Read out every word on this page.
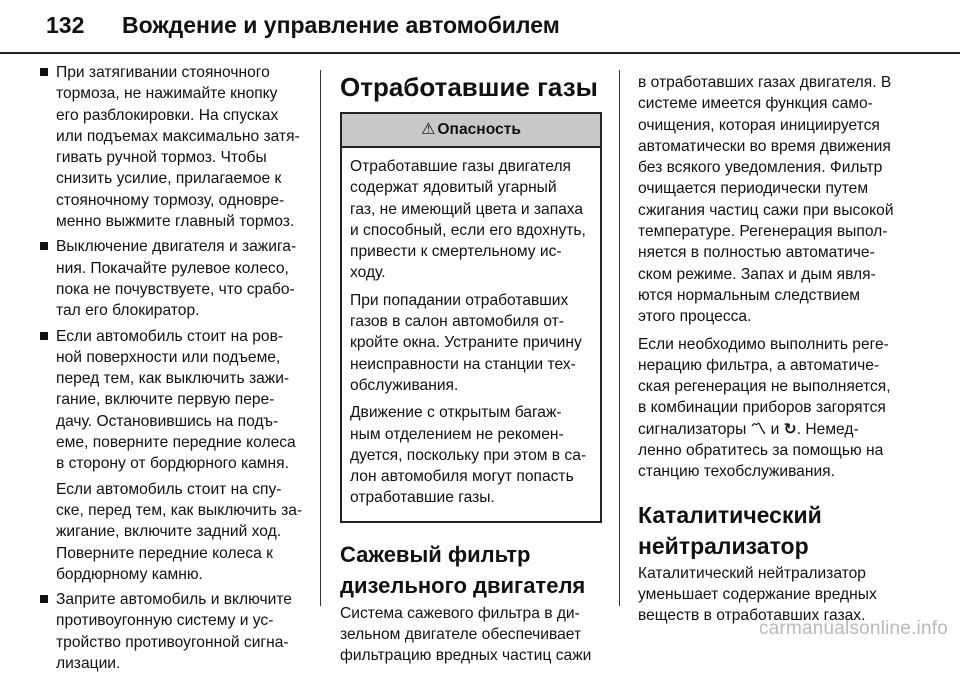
132 Вождение и управление автомобилем
При затягивании стояночного
тормоза, не нажимайте кнопку
его разблокировки. На спусках
или подъемах максимально затя-
гивать ручной тормоз. Чтобы
снизить усилие, прилагаемое к
стояночному тормозу, одновре-
менно выжмите главный тормоз.
Выключение двигателя и зажига-
ния. Покачайте рулевое колесо,
пока не почувствуете, что срабо-
тал его блокиратор.
Если автомобиль стоит на ров-
ной поверхности или подъеме,
перед тем, как выключить зажи-
гание, включите первую пере-
дачу. Остановившись на подъ-
еме, поверните передние колеса
в сторону от бордюрного камня.
Если автомобиль стоит на спу-
ске, перед тем, как выключить за-
жигание, включите задний ход.
Поверните передние колеса к
бордюрному камню.
Заприте автомобиль и включите
противоугонную систему и ус-
тройство противоугонной сигна-
лизации.
Отработавшие газы
⚠ Опасность
Отработавшие газы двигателя
содержат ядовитый угарный
газ, не имеющий цвета и запаха
и способный, если его вдохнуть,
привести к смертельному ис-
ходу.
При попадании отработавших
газов в салон автомобиля от-
кройте окна. Устраните причину
неисправности на станции тех-
обслуживания.
Движение с открытым багаж-
ным отделением не рекомен-
дуется, поскольку при этом в са-
лон автомобиля могут попасть
отработавшие газы.
Сажевый фильтр
дизельного двигателя
Система сажевого фильтра в ди-
зельном двигателе обеспечивает
фильтрацию вредных частиц сажи
в отработавших газах двигателя. В
системе имеется функция само-
очищения, которая инициируется
автоматически во время движения
без всякого уведомления. Фильтр
очищается периодически путем
сжигания частиц сажи при высокой
температуре. Регенерация выпол-
няется в полностью автоматиче-
ском режиме. Запах и дым явля-
ются нормальным следствием
этого процесса.
Если необходимо выполнить реге-
нерацию фильтра, а автоматиче-
ская регенерация не выполняется,
в комбинации приборов загорятся
сигнализаторы 〽 и ↻. Немед-
ленно обратитесь за помощью на
станцию техобслуживания.
Каталитический
нейтрализатор
Каталитический нейтрализатор
уменьшает содержание вредных
веществ в отработавших газах.
carmanualsonline.info
